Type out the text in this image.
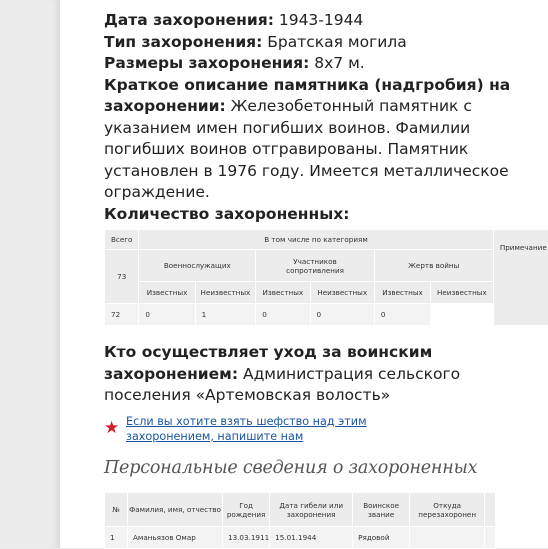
Дата захоронения: 1943-1944

Тип захоронения: Братская могила

Размеры захоронения: 8x7 м.

Краткое описание памятника (надгробия) на захоронении: Железобетонный памятник с указанием имен погибших воинов. Фамилии погибших воинов отгравированы. Памятник установлен в 1976 году. Имеется металлическое ограждение.

Количество захороненных:

Всего	В том числе по категориям						Примечание
73	Военнослужащих		Участников сопротивления		Жертв войны		
	Известных	Неизвестных	Известных	Неизвестных	Известных	Неизвестных	
72	0	1	0	0	0		

Кто осуществляет уход за воинским захоронением: Администрация сельского поселения «Артемовская волость»

★ Если вы хотите взять шефство над этим захоронением, напишите нам
Персональные сведения о захороненных
№	Фамилия, имя, отчество	Год рождения	Дата гибели или захоронения	Воинское звание	Откуда перезахоронен	
1	Аманьязов Омар	13.03.1911	15.01.1944	Рядовой		
